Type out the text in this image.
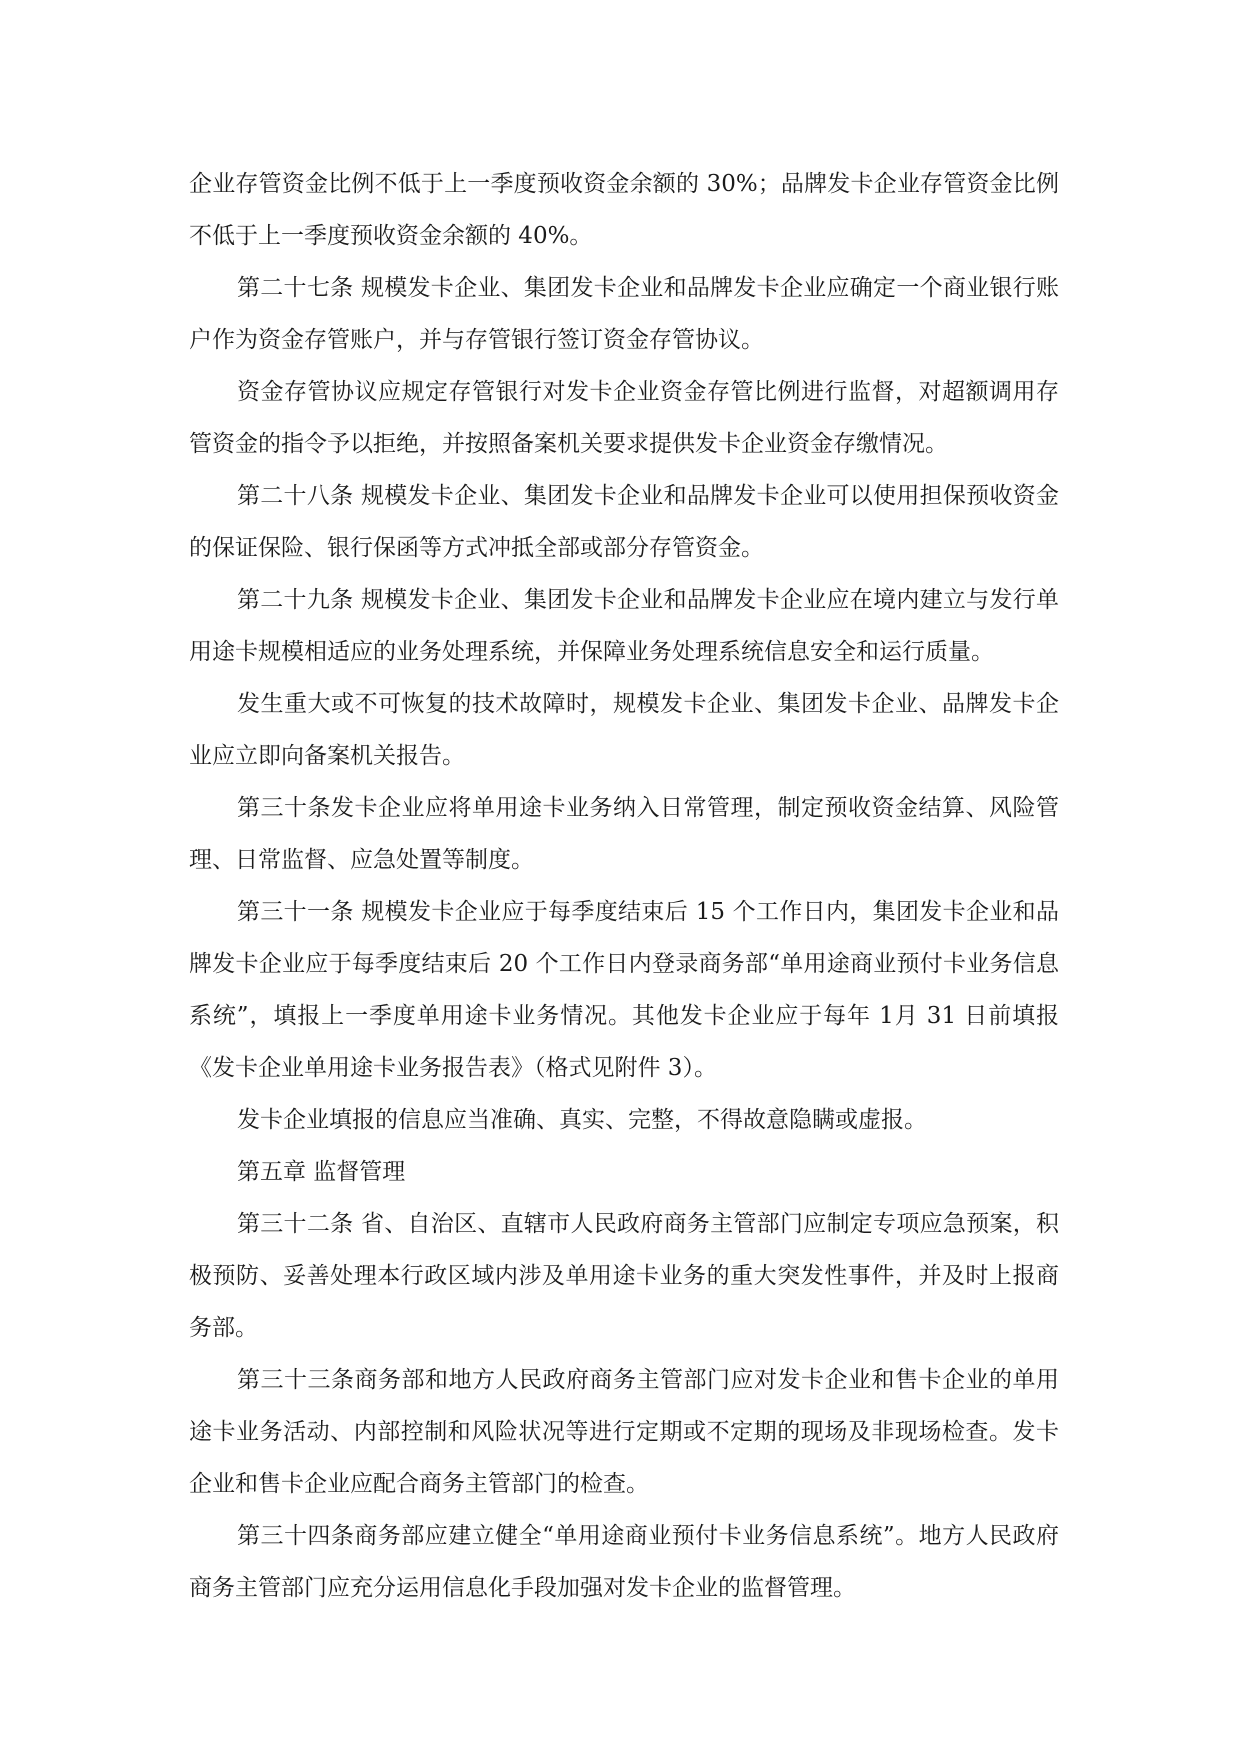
企业存管资金比例不低于上一季度预收资金余额的 30%；品牌发卡企业存管资金比例不低于上一季度预收资金余额的 40%。

第二十七条 规模发卡企业、集团发卡企业和品牌发卡企业应确定一个商业银行账户作为资金存管账户，并与存管银行签订资金存管协议。

资金存管协议应规定存管银行对发卡企业资金存管比例进行监督，对超额调用存管资金的指令予以拒绝，并按照备案机关要求提供发卡企业资金存缴情况。

第二十八条 规模发卡企业、集团发卡企业和品牌发卡企业可以使用担保预收资金的保证保险、银行保函等方式冲抵全部或部分存管资金。

第二十九条 规模发卡企业、集团发卡企业和品牌发卡企业应在境内建立与发行单用途卡规模相适应的业务处理系统，并保障业务处理系统信息安全和运行质量。

发生重大或不可恢复的技术故障时，规模发卡企业、集团发卡企业、品牌发卡企业应立即向备案机关报告。

第三十条发卡企业应将单用途卡业务纳入日常管理，制定预收资金结算、风险管理、日常监督、应急处置等制度。

第三十一条 规模发卡企业应于每季度结束后 15 个工作日内，集团发卡企业和品牌发卡企业应于每季度结束后 20 个工作日内登录商务部“单用途商业预付卡业务信息系统”，填报上一季度单用途卡业务情况。其他发卡企业应于每年 1月 31 日前填报《发卡企业单用途卡业务报告表》（格式见附件 3）。

发卡企业填报的信息应当准确、真实、完整，不得故意隐瞒或虚报。

第五章 监督管理

第三十二条 省、自治区、直辖市人民政府商务主管部门应制定专项应急预案，积极预防、妥善处理本行政区域内涉及单用途卡业务的重大突发性事件，并及时上报商务部。

第三十三条商务部和地方人民政府商务主管部门应对发卡企业和售卡企业的单用途卡业务活动、内部控制和风险状况等进行定期或不定期的现场及非现场检查。发卡企业和售卡企业应配合商务主管部门的检查。

第三十四条商务部应建立健全“单用途商业预付卡业务信息系统”。地方人民政府商务主管部门应充分运用信息化手段加强对发卡企业的监督管理。
